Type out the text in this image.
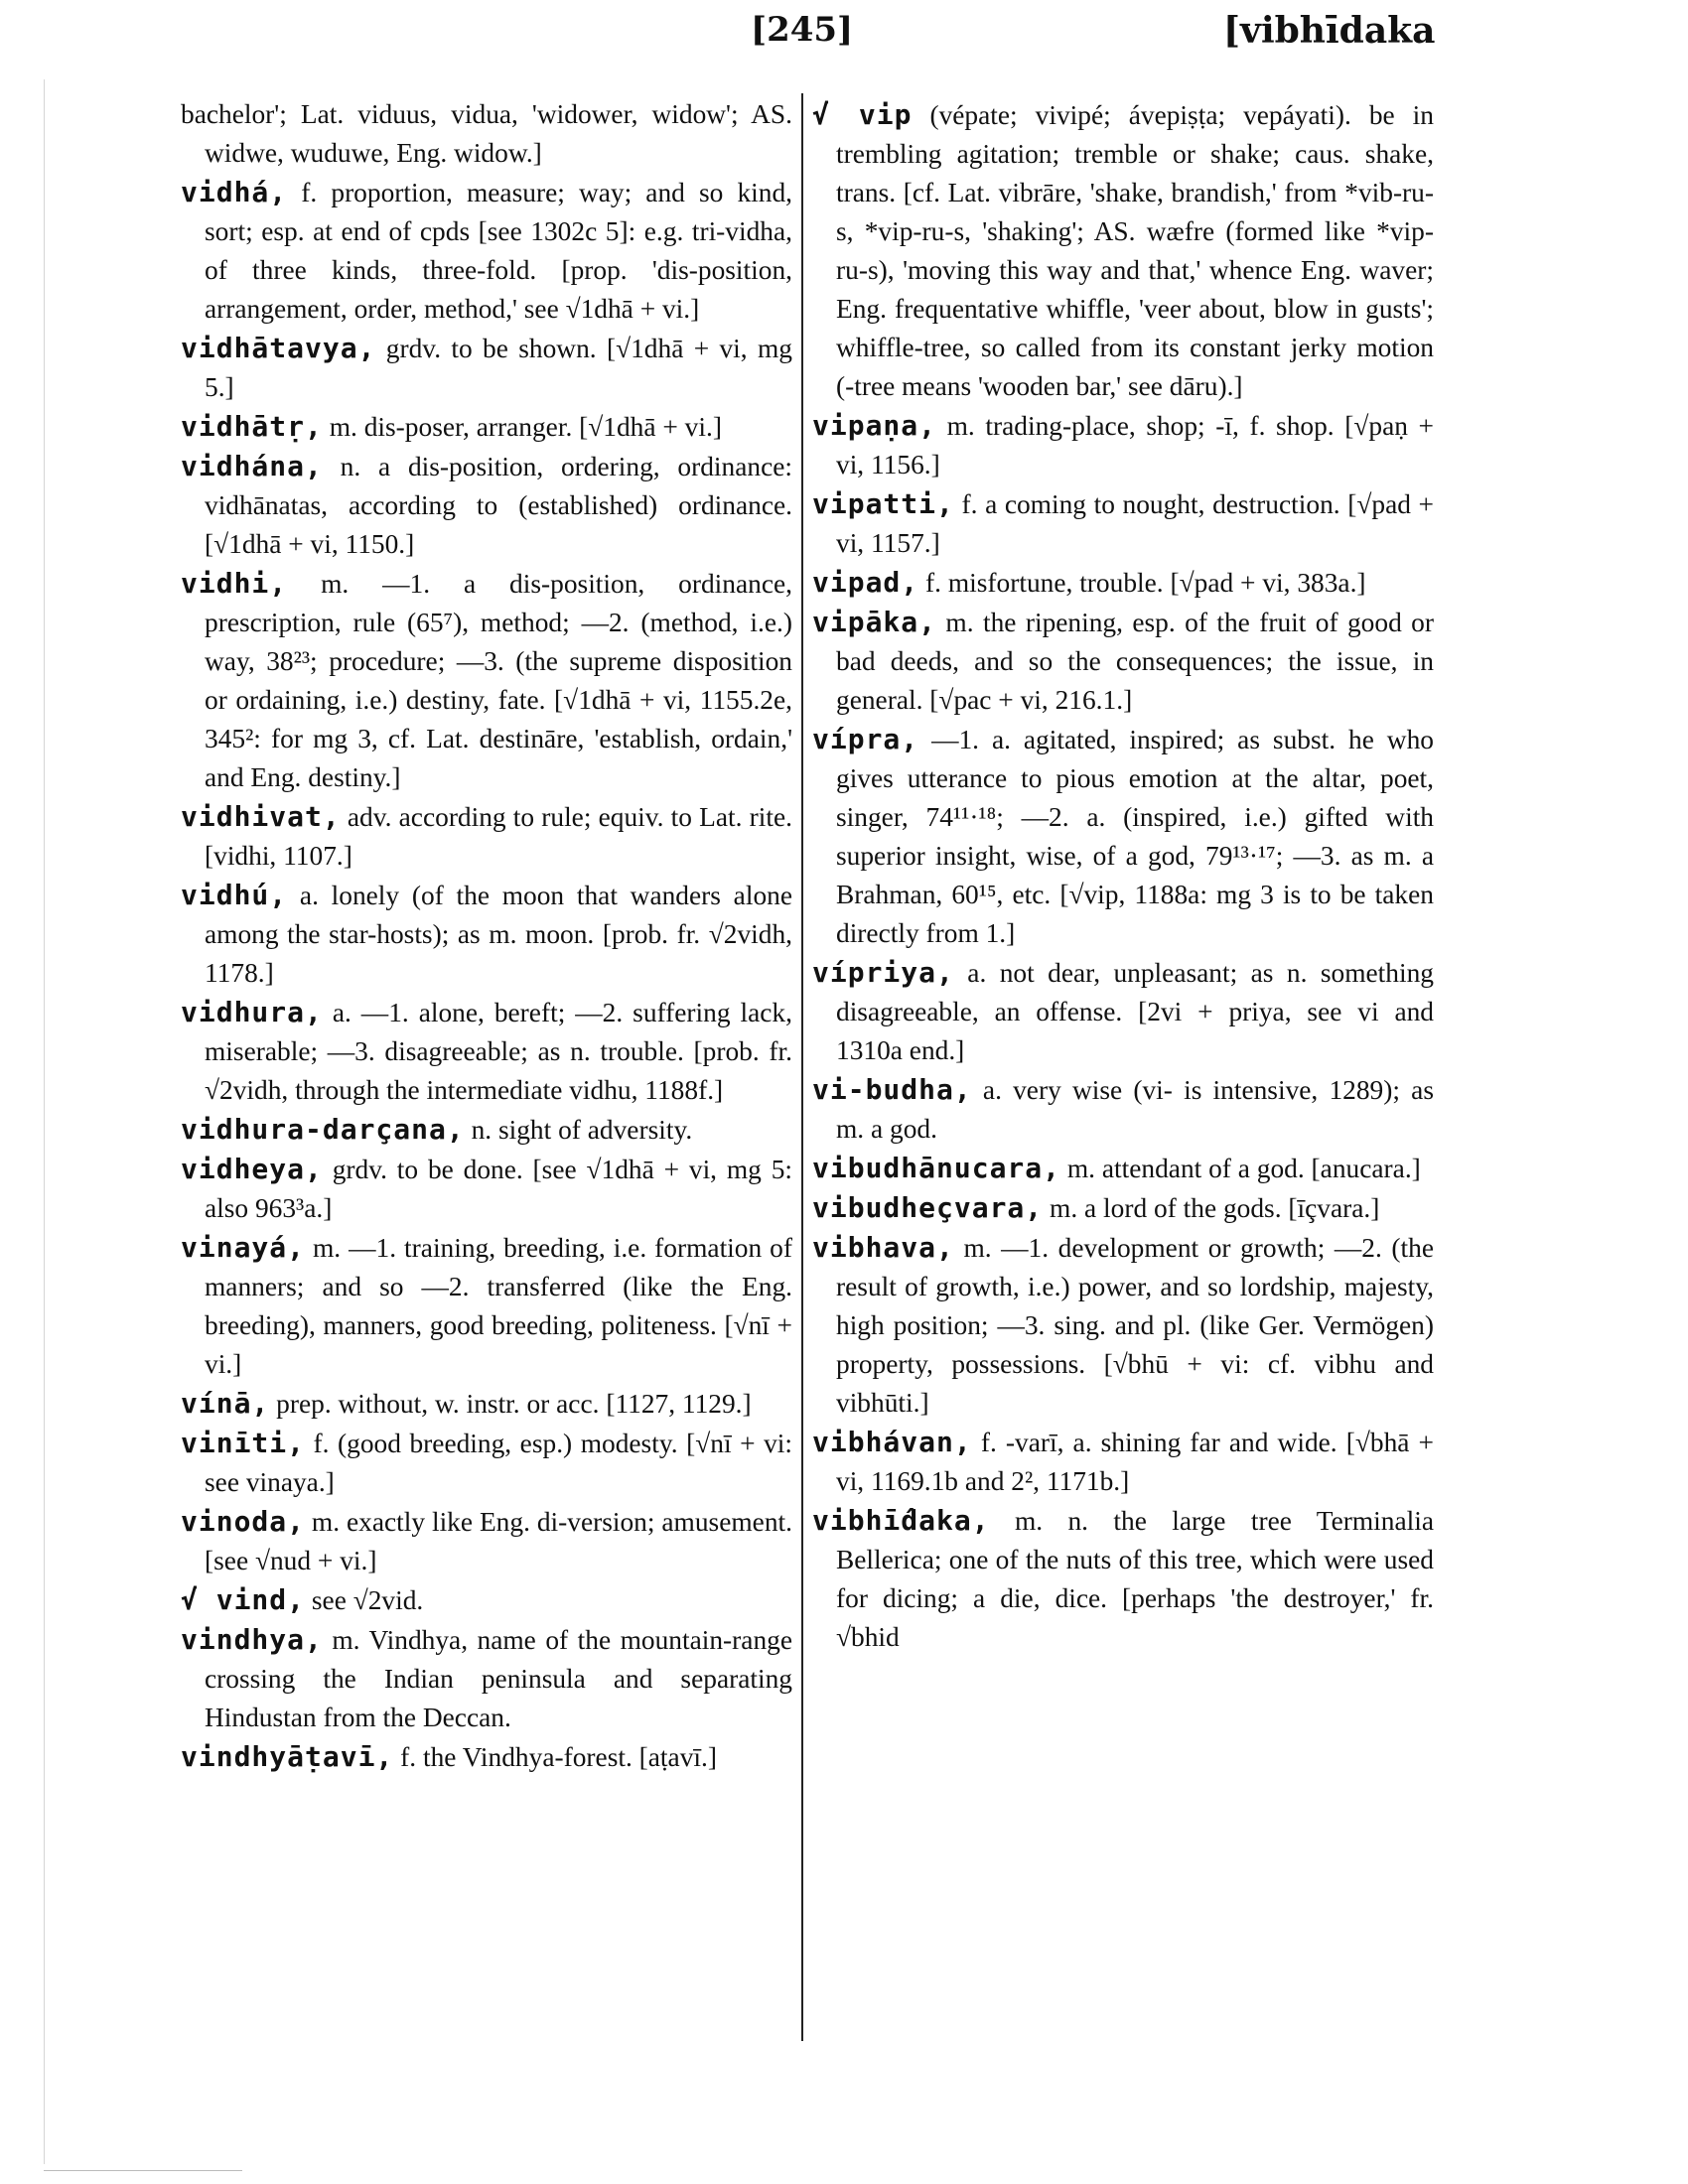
[245]	[vibhīdaka

bachelor'; Lat. viduus, vidua, 'widower, widow'; AS. widwe, wuduwe, Eng. widow.]

vidhá, f. proportion, measure; way; and so kind, sort; esp. at end of cpds [see 1302c 5]: e.g. tri-vidha, of three kinds, three-fold. [prop. 'dis-position, arrangement, order, method,' see √1dhā + vi.]

vidhātavya, grdv. to be shown. [√1dhā + vi, mg 5.]

vidhātṛ, m. dis-poser, arranger. [√1dhā + vi.]

vidhána, n. a dis-position, ordering, ordinance: vidhānatas, according to (established) ordinance. [√1dhā + vi, 1150.]

vidhi, m. —1. a dis-position, ordinance, prescription, rule (65⁷), method; —2. (method, i.e.) way, 38²³; procedure; —3. (the supreme disposition or ordaining, i.e.) destiny, fate. [√1dhā + vi, 1155.2e, 345²: for mg 3, cf. Lat. destināre, 'establish, ordain,' and Eng. destiny.]

vidhivat, adv. according to rule; equiv. to Lat. rite. [vidhi, 1107.]

vidhú, a. lonely (of the moon that wanders alone among the star-hosts); as m. moon. [prob. fr. √2vidh, 1178.]

vidhura, a. —1. alone, bereft; —2. suffering lack, miserable; —3. disagreeable; as n. trouble. [prob. fr. √2vidh, through the intermediate vidhu, 1188f.]

vidhura-darçana, n. sight of adversity.

vidheya, grdv. to be done. [see √1dhā + vi, mg 5: also 963³a.]

vinayá, m. —1. training, breeding, i.e. formation of manners; and so —2. transferred (like the Eng. breeding), manners, good breeding, politeness. [√nī + vi.]

vínā, prep. without, w. instr. or acc. [1127, 1129.]

vinīti, f. (good breeding, esp.) modesty. [√nī + vi: see vinaya.]

vinoda, m. exactly like Eng. di-version; amusement. [see √nud + vi.]

√ vind, see √2vid.

vindhya, m. Vindhya, name of the mountain-range crossing the Indian peninsula and separating Hindustan from the Deccan.

vindhyāṭavī, f. the Vindhya-forest. [aṭavī.]

√ vip (vépate; vivipé; ávepiṣṭa; vepáyati). be in trembling agitation; tremble or shake; caus. shake, trans. [cf. Lat. vibrāre, 'shake, brandish,' from *vib-ru-s, *vip-ru-s, 'shaking'; AS. wæfre (formed like *vip-ru-s), 'moving this way and that,' whence Eng. waver; Eng. frequentative whiffle, 'veer about, blow in gusts'; whiffle-tree, so called from its constant jerky motion (-tree means 'wooden bar,' see dāru).]

vipaṇa, m. trading-place, shop; -ī, f. shop. [√paṇ + vi, 1156.]

vipatti, f. a coming to nought, destruction. [√pad + vi, 1157.]

vipad, f. misfortune, trouble. [√pad + vi, 383a.]

vipāka, m. the ripening, esp. of the fruit of good or bad deeds, and so the consequences; the issue, in general. [√pac + vi, 216.1.]

vípra, —1. a. agitated, inspired; as subst. he who gives utterance to pious emotion at the altar, poet, singer, 74¹¹·¹⁸; —2. a. (inspired, i.e.) gifted with superior insight, wise, of a god, 79¹³·¹⁷; —3. as m. a Brahman, 60¹⁵, etc. [√vip, 1188a: mg 3 is to be taken directly from 1.]

vípriya, a. not dear, unpleasant; as n. something disagreeable, an offense. [2vi + priya, see vi and 1310a end.]

vi-budha, a. very wise (vi- is intensive, 1289); as m. a god.

vibudhānucara, m. attendant of a god. [anucara.]

vibudheçvara, m. a lord of the gods. [īçvara.]

vibhava, m. —1. development or growth; —2. (the result of growth, i.e.) power, and so lordship, majesty, high position; —3. sing. and pl. (like Ger. Vermögen) property, possessions. [√bhū + vi: cf. vibhu and vibhūti.]

vibhávan, f. -varī, a. shining far and wide. [√bhā + vi, 1169.1b and 2², 1171b.]

vibhī́daka, m. n. the large tree Terminalia Bellerica; one of the nuts of this tree, which were used for dicing; a die, dice. [perhaps 'the destroyer,' fr. √bhid
